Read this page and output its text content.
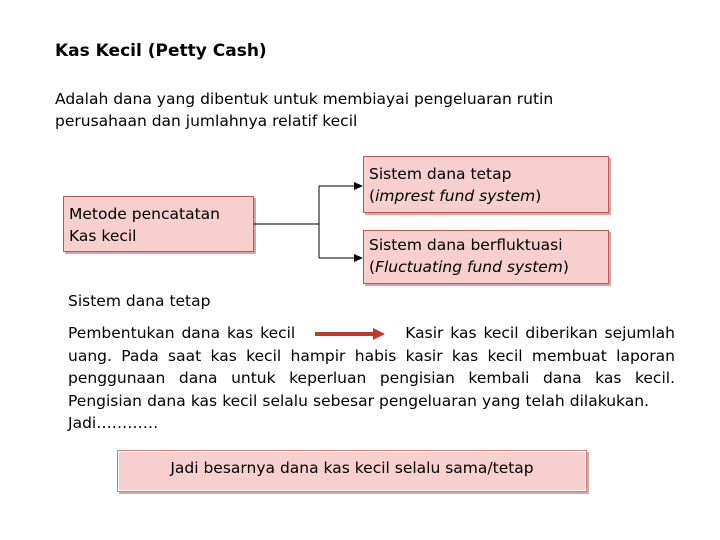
Kas Kecil (Petty Cash)
Adalah dana yang dibentuk untuk membiayai pengeluaran rutin
perusahaan dan jumlahnya relatif kecil
Metode pencatatan
Kas kecil
Sistem dana tetap
(imprest fund system)
Sistem dana berfluktuasi
(Fluctuating fund system)
Sistem dana tetap
Pembentukan dana kas kecil	Kasir kas kecil diberikan sejumlah uang. Pada saat kas kecil hampir habis kasir kas kecil membuat laporan penggunaan dana untuk keperluan pengisian kembali dana kas kecil. Pengisian dana kas kecil selalu sebesar pengeluaran yang telah dilakukan.Jadi…………
Jadi besarnya dana kas kecil selalu sama/tetap
